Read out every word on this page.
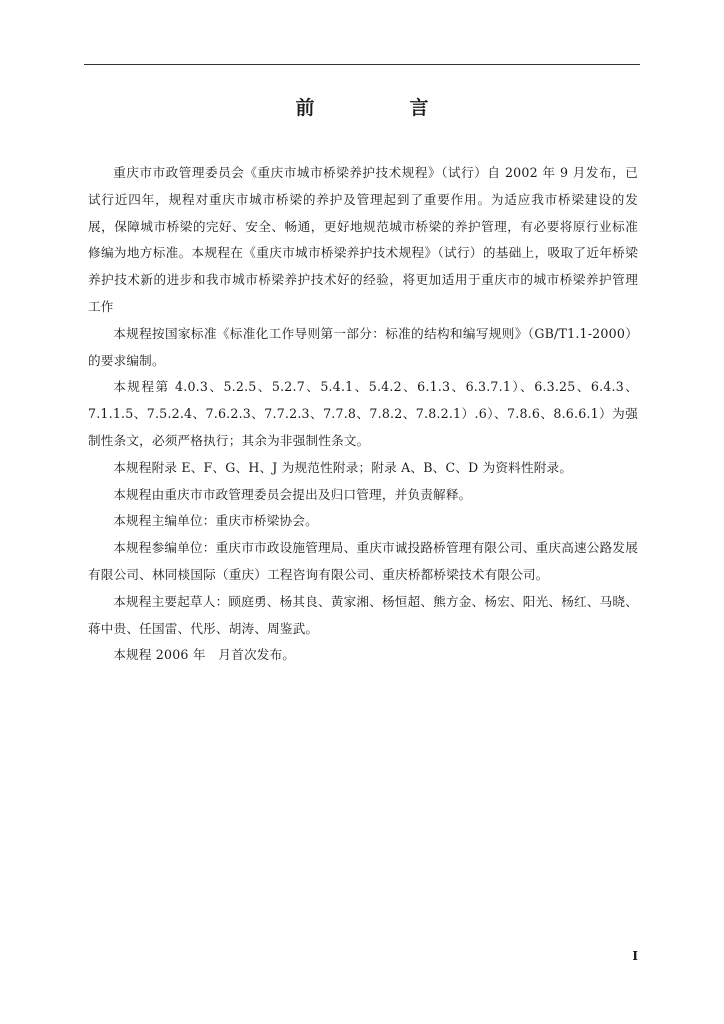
前　言

重庆市市政管理委员会《重庆市城市桥梁养护技术规程》（试行）自 2002 年 9 月发布，已试行近四年，规程对重庆市城市桥梁的养护及管理起到了重要作用。为适应我市桥梁建设的发展，保障城市桥梁的完好、安全、畅通，更好地规范城市桥梁的养护管理，有必要将原行业标准修编为地方标准。本规程在《重庆市城市桥梁养护技术规程》（试行）的基础上，吸取了近年桥梁养护技术新的进步和我市城市桥梁养护技术好的经验，将更加适用于重庆市的城市桥梁养护管理工作

本规程按国家标准《标准化工作导则第一部分：标准的结构和编写规则》（GB/T1.1-2000）的要求编制。

本规程第 4.0.3、5.2.5、5.2.7、5.4.1、5.4.2、6.1.3、6.3.7.1）、6.3.25、6.4.3、7.1.1.5、7.5.2.4、7.6.2.3、7.7.2.3、7.7.8、7.8.2、7.8.2.1）.6）、7.8.6、8.6.6.1）为强制性条文，必须严格执行；其余为非强制性条文。

本规程附录 E、F、G、H、J 为规范性附录；附录 A、B、C、D 为资料性附录。

本规程由重庆市市政管理委员会提出及归口管理，并负责解释。

本规程主编单位：重庆市桥梁协会。

本规程参编单位：重庆市市政设施管理局、重庆市诚投路桥管理有限公司、重庆高速公路发展有限公司、林同棪国际（重庆）工程咨询有限公司、重庆桥都桥梁技术有限公司。

本规程主要起草人：顾庭勇、杨其良、黄家湘、杨恒超、熊方金、杨宏、阳光、杨红、马晓、蒋中贵、任国雷、代彤、胡涛、周鉴武。

本规程 2006 年　月首次发布。

I
